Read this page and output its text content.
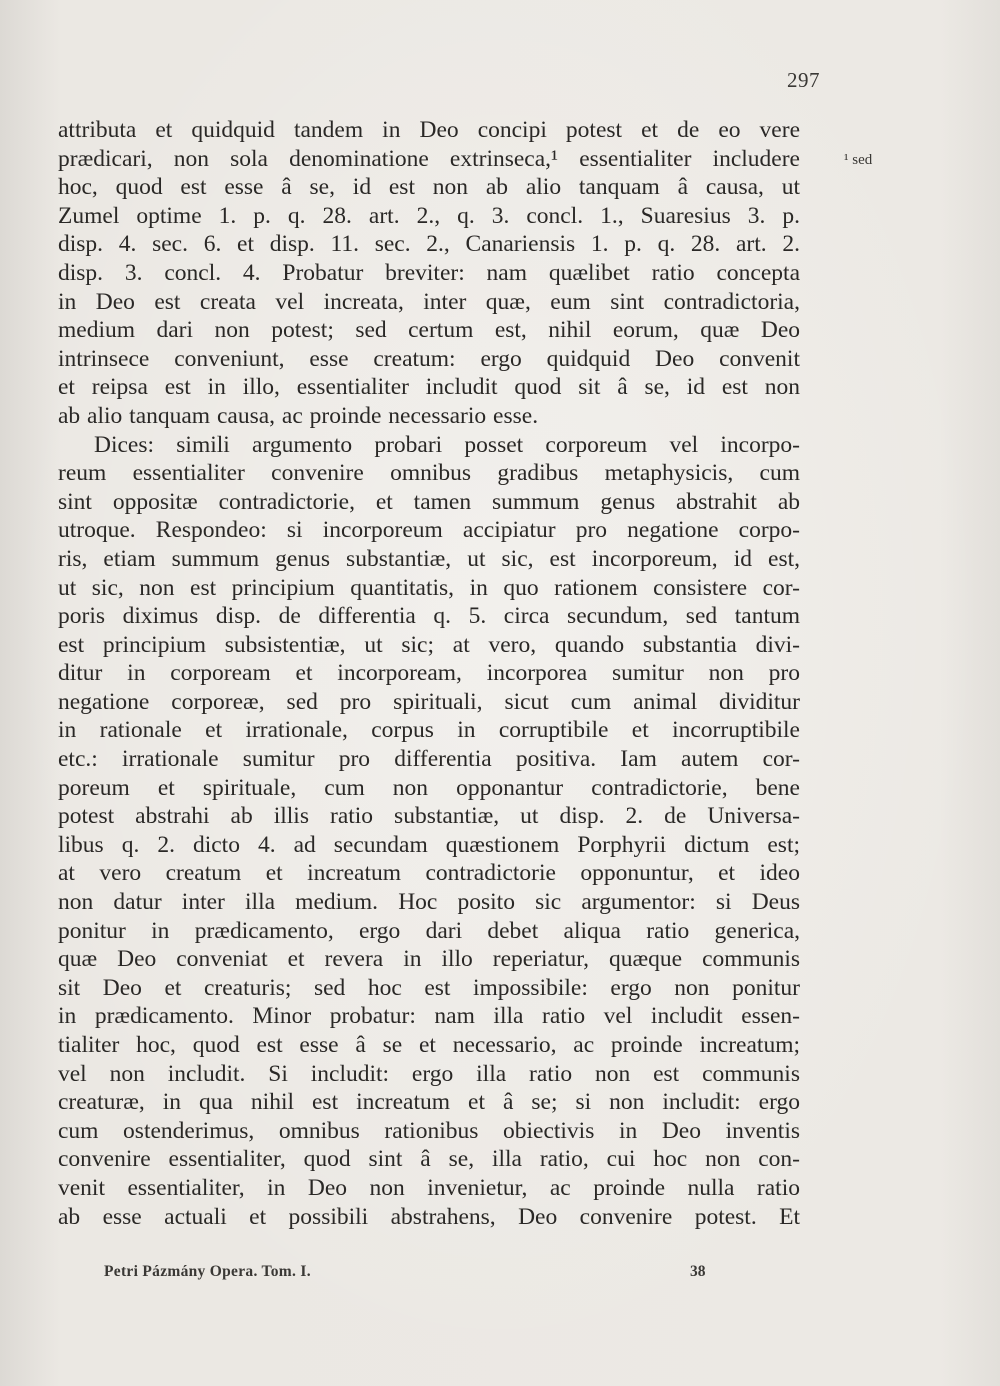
297
¹ sed
attributa et quidquid tandem in Deo concipi potest et de eo vere
prædicari, non sola denominatione extrinseca,¹ essentialiter includere
hoc, quod est esse â se, id est non ab alio tanquam â causa, ut
Zumel optime 1. p. q. 28. art. 2., q. 3. concl. 1., Suaresius 3. p.
disp. 4. sec. 6. et disp. 11. sec. 2., Canariensis 1. p. q. 28. art. 2.
disp. 3. concl. 4. Probatur breviter: nam quælibet ratio concepta
in Deo est creata vel increata, inter quæ, eum sint contradictoria,
medium dari non potest; sed certum est, nihil eorum, quæ Deo
intrinsece conveniunt, esse creatum: ergo quidquid Deo convenit
et reipsa est in illo, essentialiter includit quod sit â se, id est non
ab alio tanquam causa, ac proinde necessario esse.
Dices: simili argumento probari posset corporeum vel incorpo-
reum essentialiter convenire omnibus gradibus metaphysicis, cum
sint oppositæ contradictorie, et tamen summum genus abstrahit ab
utroque. Respondeo: si incorporeum accipiatur pro negatione corpo-
ris, etiam summum genus substantiæ, ut sic, est incorporeum, id est,
ut sic, non est principium quantitatis, in quo rationem consistere cor-
poris diximus disp. de differentia q. 5. circa secundum, sed tantum
est principium subsistentiæ, ut sic; at vero, quando substantia divi-
ditur in corpoream et incorpoream, incorporea sumitur non pro
negatione corporeæ, sed pro spirituali, sicut cum animal dividitur
in rationale et irrationale, corpus in corruptibile et incorruptibile
etc.: irrationale sumitur pro differentia positiva. Iam autem cor-
poreum et spirituale, cum non opponantur contradictorie, bene
potest abstrahi ab illis ratio substantiæ, ut disp. 2. de Universa-
libus q. 2. dicto 4. ad secundam quæstionem Porphyrii dictum est;
at vero creatum et increatum contradictorie opponuntur, et ideo
non datur inter illa medium. Hoc posito sic argumentor: si Deus
ponitur in prædicamento, ergo dari debet aliqua ratio generica,
quæ Deo conveniat et revera in illo reperiatur, quæque communis
sit Deo et creaturis; sed hoc est impossibile: ergo non ponitur
in prædicamento. Minor probatur: nam illa ratio vel includit essen-
tialiter hoc, quod est esse â se et necessario, ac proinde increatum;
vel non includit. Si includit: ergo illa ratio non est communis
creaturæ, in qua nihil est increatum et â se; si non includit: ergo
cum ostenderimus, omnibus rationibus obiectivis in Deo inventis
convenire essentialiter, quod sint â se, illa ratio, cui hoc non con-
venit essentialiter, in Deo non invenietur, ac proinde nulla ratio
ab esse actuali et possibili abstrahens, Deo convenire potest. Et
Petri Pázmány Opera. Tom. I.	38
